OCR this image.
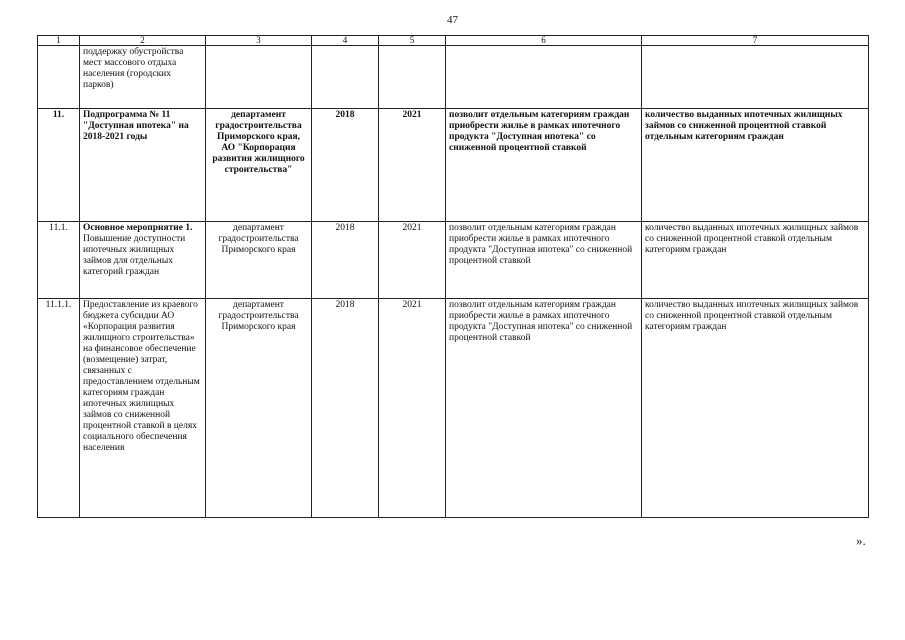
47
1	2	3	4	5	6	7
	поддержку обустройства мест массового отдыха населения (городских парков)					
11.	Подпрограмма № 11 "Доступная ипотека" на 2018-2021 годы	департамент градостроительства Приморского края, АО "Корпорация развития жилищного строительства"	2018	2021	позволит отдельным категориям граждан приобрести жилье в рамках ипотечного продукта "Доступная ипотека" со сниженной процентной ставкой	количество выданных ипотечных жилищных займов со сниженной процентной ставкой отдельным категориям граждан
11.1.	Основное мероприятие 1. Повышение доступности ипотечных жилищных займов для отдельных категорий граждан	департамент градостроительства Приморского края	2018	2021	позволит отдельным категориям граждан приобрести жилье в рамках ипотечного продукта "Доступная ипотека" со сниженной процентной ставкой	количество выданных ипотечных жилищных займов со сниженной процентной ставкой отдельным категориям граждан
11.1.1.	Предоставление из краевого бюджета субсидии АО «Корпорация развития жилищного строительства» на финансовое обеспечение (возмещение) затрат, связанных с предоставлением отдельным категориям граждан ипотечных жилищных займов со сниженной процентной ставкой в целях социального обеспечения населения	департамент градостроительства Приморского края	2018	2021	позволит отдельным категориям граждан приобрести жилье в рамках ипотечного продукта "Доступная ипотека" со сниженной процентной ставкой	количество выданных ипотечных жилищных займов со сниженной процентной ставкой отдельным категориям граждан
».
